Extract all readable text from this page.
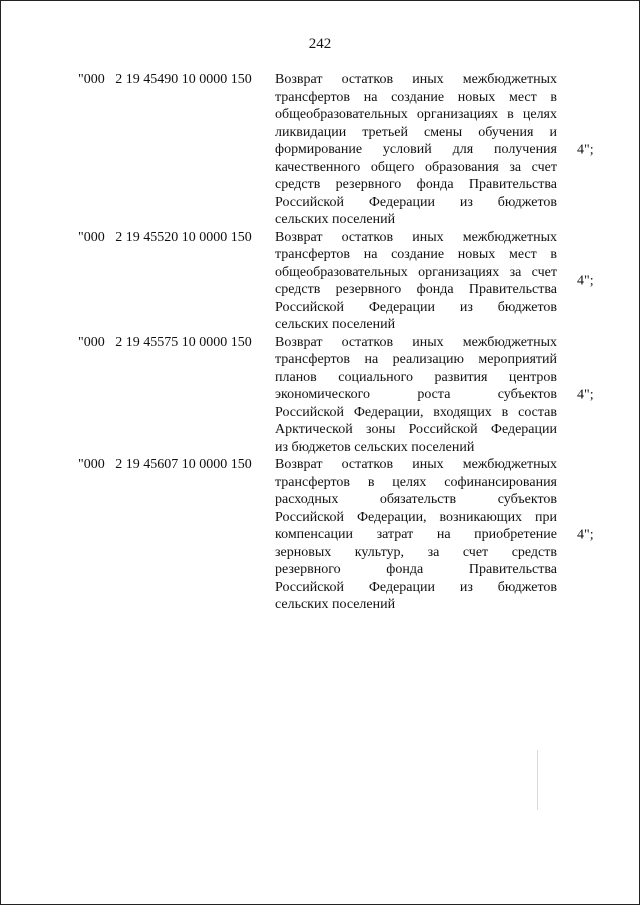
242
"000   2 19 45490 10 0000 150 Возврат остатков иных межбюджетных
трансфертов на создание новых мест в
общеобразовательных организациях в целях
ликвидации третьей смены обучения и
формирование условий для получения
качественного общего образования за счет
средств резервного фонда Правительства
Российской Федерации из бюджетов
сельских поселений
4";
"000   2 19 45520 10 0000 150 Возврат остатков иных межбюджетных
трансфертов на создание новых мест в
общеобразовательных организациях за счет
средств резервного фонда Правительства
Российской Федерации из бюджетов
сельских поселений
4";
"000   2 19 45575 10 0000 150 Возврат остатков иных межбюджетных
трансфертов на реализацию мероприятий
планов социального развития центров
экономического роста субъектов
Российской Федерации, входящих в состав
Арктической зоны Российской Федерации
из бюджетов сельских поселений
4";
"000   2 19 45607 10 0000 150 Возврат остатков иных межбюджетных
трансфертов в целях софинансирования
расходных обязательств субъектов
Российской Федерации, возникающих при
компенсации затрат на приобретение
зерновых культур, за счет средств
резервного фонда Правительства
Российской Федерации из бюджетов
сельских поселений
4";
